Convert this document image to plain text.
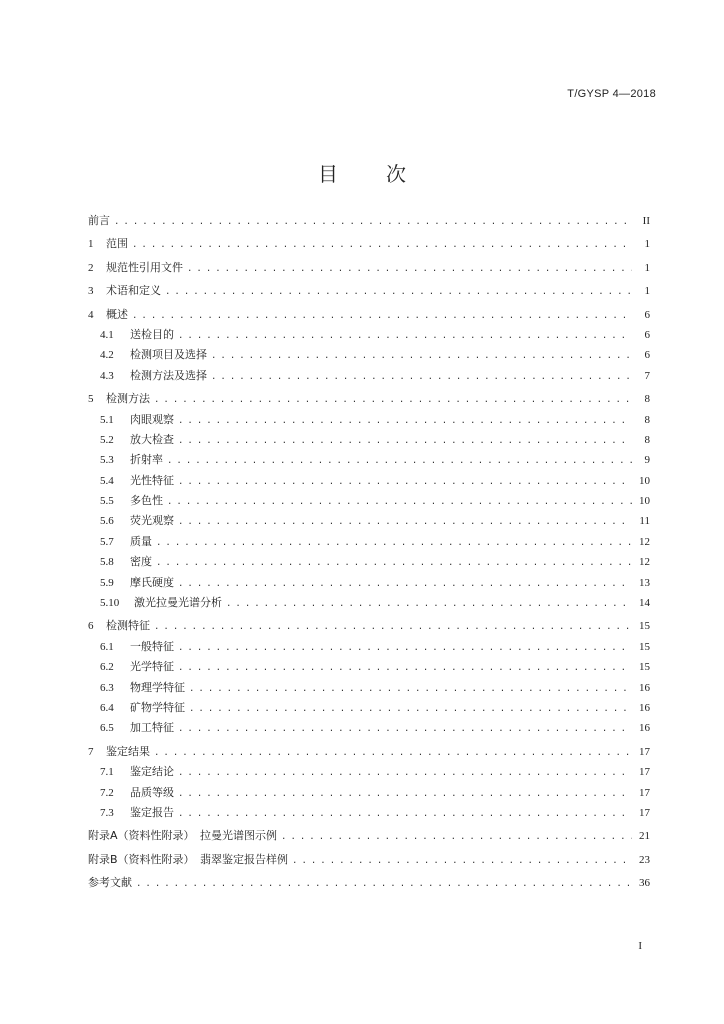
T/GYSP 4—2018
目 次
前言 .....	II
1	范围 .....	1
2	规范性引用文件 .....	1
3	术语和定义 .....	1
4	概述 .....	6
4.1	送检目的 .....	6
4.2	检测项目及选择 .....	6
4.3	检测方法及选择 .....	7
5	检测方法 .....	8
5.1	肉眼观察 .....	8
5.2	放大检查 .....	8
5.3	折射率 .....	9
5.4	光性特征 .....	10
5.5	多色性 .....	10
5.6	荧光观察 .....	11
5.7	质量 .....	12
5.8	密度 .....	12
5.9	摩氏硬度 .....	13
5.10	激光拉曼光谱分析 .....	14
6	检测特征 .....	15
6.1	一般特征 .....	15
6.2	光学特征 .....	15
6.3	物理学特征 .....	16
6.4	矿物学特征 .....	16
6.5	加工特征 .....	16
7	鉴定结果 .....	17
7.1	鉴定结论 .....	17
7.2	品质等级 .....	17
7.3	鉴定报告 .....	17
附录A（资料性附录）　拉曼光谱图示例 .....	21
附录B（资料性附录）　翡翠鉴定报告样例 .....	23
参考文献 .....	36
I
